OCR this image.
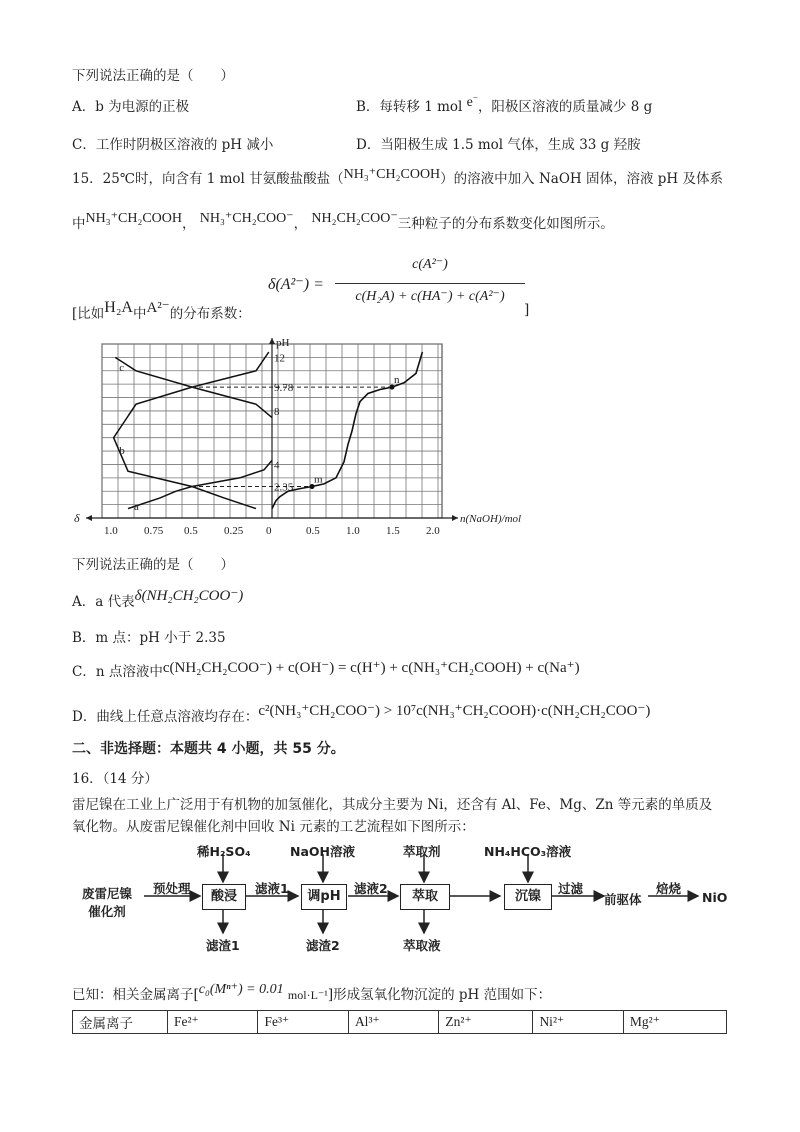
下列说法正确的是（　　）
A．b 为电源的正极	B．每转移 1 mol e−，阳极区溶液的质量减少 8 g
C．工作时阴极区溶液的 pH 减小	D．当阳极生成 1.5 mol 气体，生成 33 g 羟胺
15．25℃时，向含有 1 mol 甘氨酸盐酸盐（NH₃⁺CH₂COOH）的溶液中加入 NaOH 固体，溶液 pH 及体系
中NH₃⁺CH₂COOH， NH₃⁺CH₂COO⁻， NH₂CH₂COO⁻三种粒子的分布系数变化如图所示。
[比如H₂A中A²⁻的分布系数：
δ(A²⁻) =
c(A²⁻)
c(H₂A) + c(HA⁻) + c(A²⁻)
]
0	0.5 1.0 1.5 2.0
1.0 0.75 0.5 0.25
δ	n(NaOH)/mol
pH
12
9.78
8
4
2.35
m
n
a
b
c
下列说法正确的是（　　）
A．a 代表δ(NH₂CH₂COO⁻)
B．m 点：pH 小于 2.35
C．n 点溶液中c(NH₂CH₂COO⁻) + c(OH⁻) = c(H⁺) + c(NH₃⁺CH₂COOH) + c(Na⁺)
D．曲线上任意点溶液均存在：c²(NH₃⁺CH₂COO⁻) > 10⁷c(NH₃⁺CH₂COOH)·c(NH₂CH₂COO⁻)
二、非选择题：本题共 4 小题，共 55 分。
16．（14 分）
雷尼镍在工业上广泛用于有机物的加氢催化，其成分主要为 Ni，还含有 Al、Fe、Mg、Zn 等元素的单质及
氧化物。从废雷尼镍催化剂中回收 Ni 元素的工艺流程如下图所示：
废雷尼镍
催化剂
预处理
稀H₂SO₄
酸浸
滤渣1
滤液1
NaOH溶液
调pH
滤渣2
滤液2
萃取剂
萃取
萃取液
NH₄HCO₃溶液
沉镍
过滤
前驱体
焙烧
NiO
已知：相关金属离子[c₀(Mⁿ⁺) = 0.01 mol·L⁻¹]形成氢氧化物沉淀的 pH 范围如下：
金属离子	Fe²⁺	Fe³⁺	Al³⁺	Zn²⁺	Ni²⁺	Mg²⁺
